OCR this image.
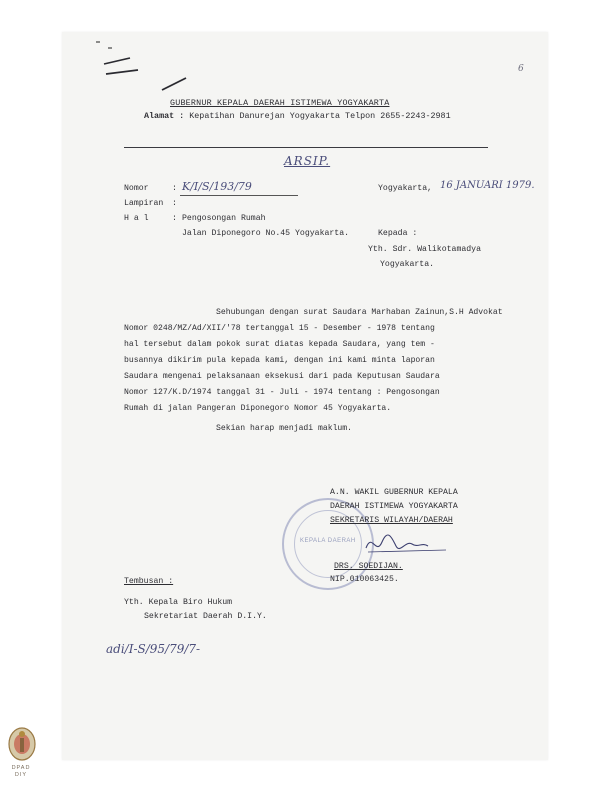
6
GUBERNUR KEPALA DAERAH ISTIMEWA YOGYAKARTA
Alamat : Kepatihan Danurejan Yogyakarta Telpon 2655-2243-2981
ARSIP.
Nomor	: K/I/S/193/79
Lampiran :
H a l	: Pengosongan Rumah
Jalan Diponegoro No.45 Yogyakarta.
Yogyakarta, 16 JANUARI 1979.
Kepada :
Yth. Sdr. Walikotamadya
Yogyakarta.
Sehubungan dengan surat Saudara Marhaban Zainun,S.H Advokat
Nomor 0248/MZ/Ad/XII/'78 tertanggal 15 - Desember - 1978 tentang
hal tersebut dalam pokok surat diatas kepada Saudara, yang tem -
busannya dikirim pula kepada kami, dengan ini kami minta laporan
Saudara mengenai pelaksanaan eksekusi dari pada Keputusan Saudara
Nomor 127/K.D/1974 tanggal 31 - Juli - 1974 tentang : Pengosongan
Rumah di jalan Pangeran Diponegoro Nomor 45 Yogyakarta.
Sekian harap menjadi maklum.
KEPALA DAERAH
A.N. WAKIL GUBERNUR KEPALA
DAERAH ISTIMEWA YOGYAKARTA
SEKRETARIS WILAYAH/DAERAH
DRS. SOEDIJAN.
NIP.010063425.
Tembusan :
Yth. Kepala Biro Hukum
Sekretariat Daerah D.I.Y.
adi/I-S/95/79/7-
DPAD DIY
